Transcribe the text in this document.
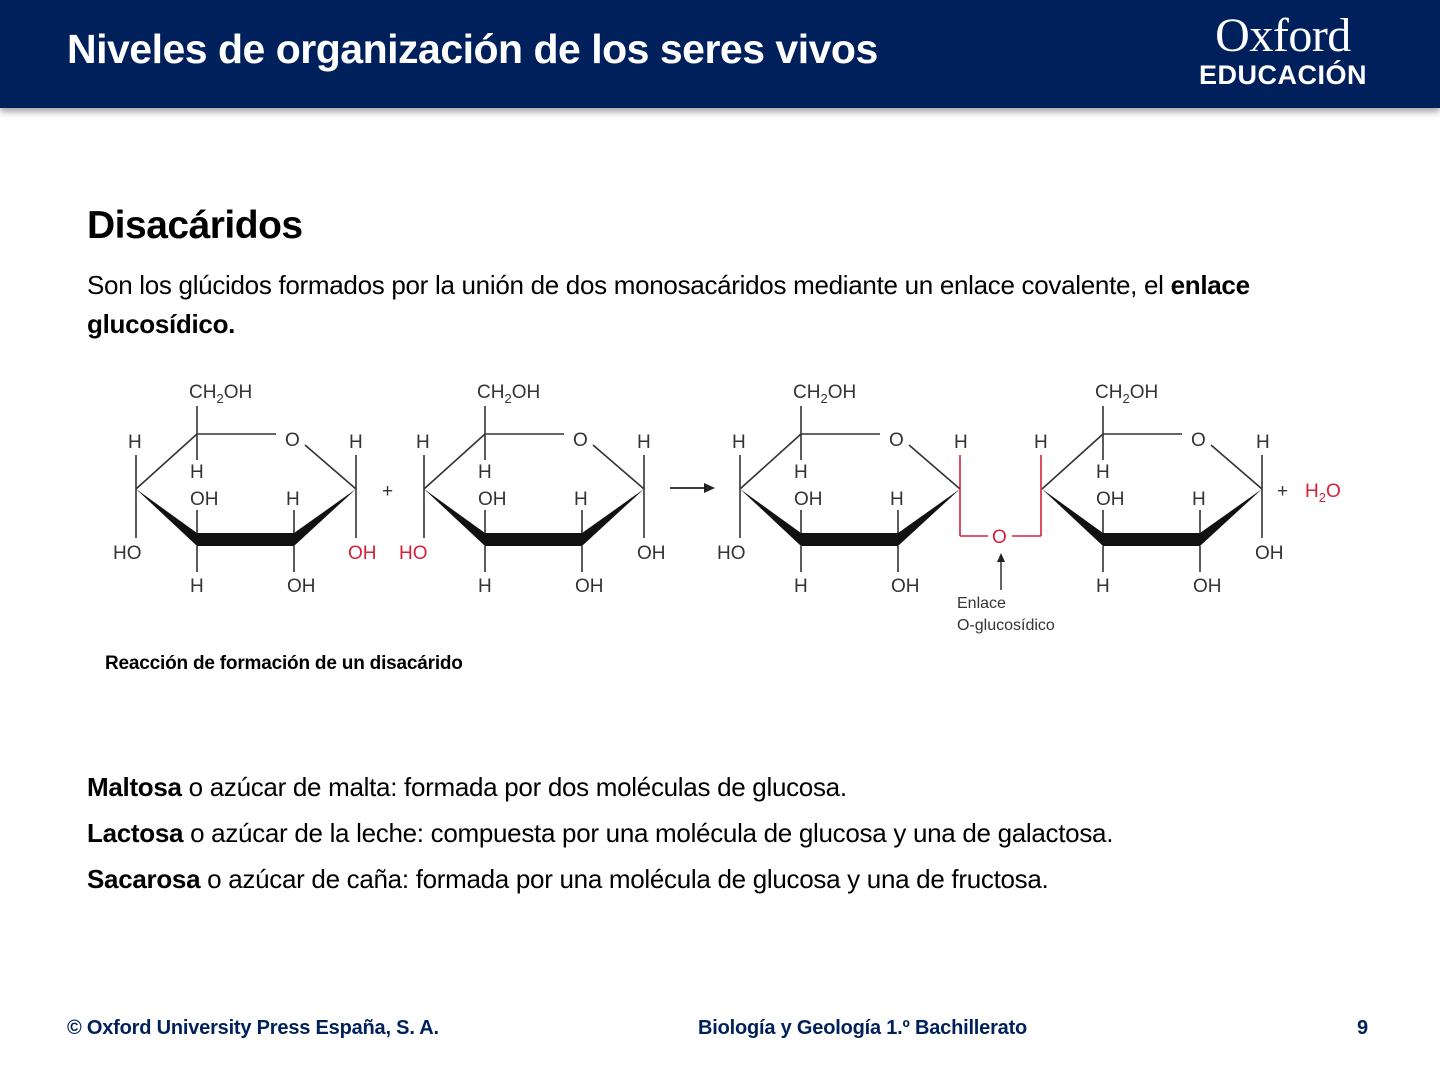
Niveles de organización de los seres vivos	Oxford
EDUCACIÓN
Disacáridos
Son los glúcidos formados por la unión de dos monosacáridos mediante un enlace covalente, el enlace glucosídico.
$CH_2OH$
H	O	H
H
OH	H
HO	OH
H	OH
+
$CH_2OH$
H	O	H
H
OH	H
HO	OH
H	OH
$CH_2OH$
H	O	H
H
OH	H
HO
H	OH
O
Enlace
O-glucosídico
$CH_2OH$
H	O	H
H
OH	H
OH
H	OH
+ $H_2O$
Reacción de formación de un disacárido
Maltosa o azúcar de malta: formada por dos moléculas de glucosa.
Lactosa o azúcar de la leche: compuesta por una molécula de glucosa y una de galactosa.
Sacarosa o azúcar de caña: formada por una molécula de glucosa y una de fructosa.
© Oxford University Press España, S. A.	Biología y Geología 1.º Bachillerato	9
